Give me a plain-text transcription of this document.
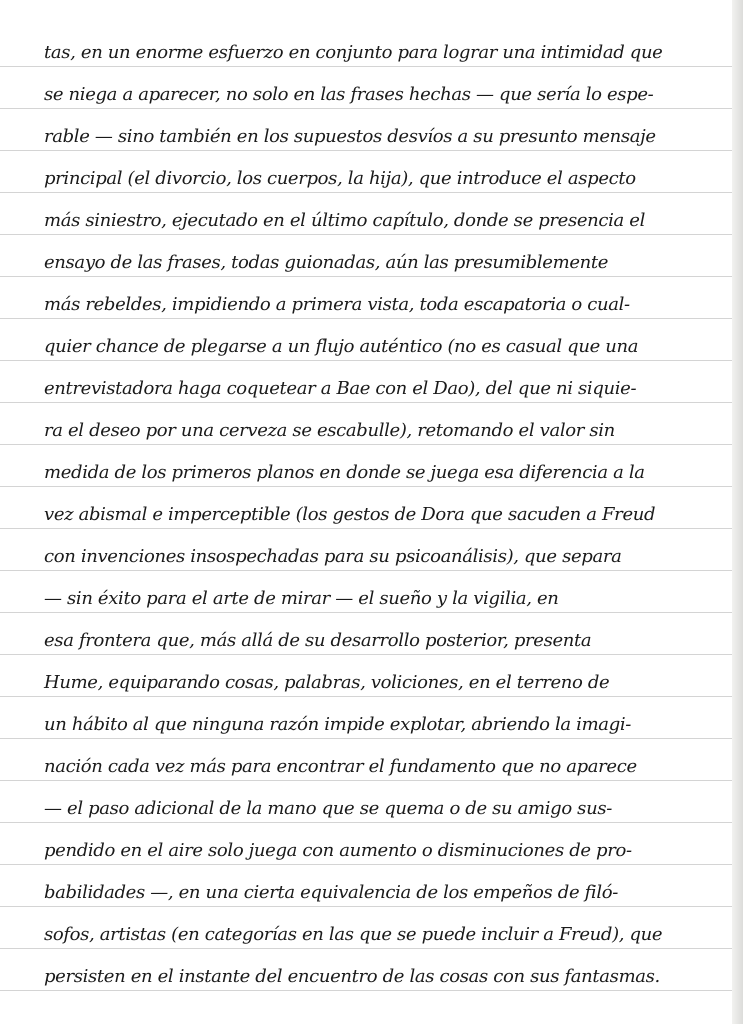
tas, en un enorme esfuerzo en conjunto para lograr una intimidad que

se niega a aparecer, no solo en las frases hechas — que sería lo espe-

rable — sino también en los supuestos desvíos a su presunto mensaje

principal (el divorcio, los cuerpos, la hija), que introduce el aspecto

más siniestro, ejecutado en el último capítulo, donde se presencia el

ensayo de las frases, todas guionadas, aún las presumiblemente

más rebeldes, impidiendo a primera vista, toda escapatoria o cual-

quier chance de plegarse a un flujo auténtico (no es casual que una

entrevistadora haga coquetear a Bae con el Dao), del que ni siquie-

ra el deseo por una cerveza se escabulle), retomando el valor sin

medida de los primeros planos en donde se juega esa diferencia a la

vez abismal e imperceptible (los gestos de Dora que sacuden a Freud

con invenciones insospechadas para su psicoanálisis), que separa

— sin éxito para el arte de mirar — el sueño y la vigilia, en

esa frontera que, más allá de su desarrollo posterior, presenta

Hume, equiparando cosas, palabras, voliciones, en el terreno de

un hábito al que ninguna razón impide explotar, abriendo la imagi-

nación cada vez más para encontrar el fundamento que no aparece

— el paso adicional de la mano que se quema o de su amigo sus-

pendido en el aire solo juega con aumento o disminuciones de pro-

babilidades —, en una cierta equivalencia de los empeños de filó-

sofos, artistas (en categorías en las que se puede incluir a Freud), que

persisten en el instante del encuentro de las cosas con sus fantasmas.
